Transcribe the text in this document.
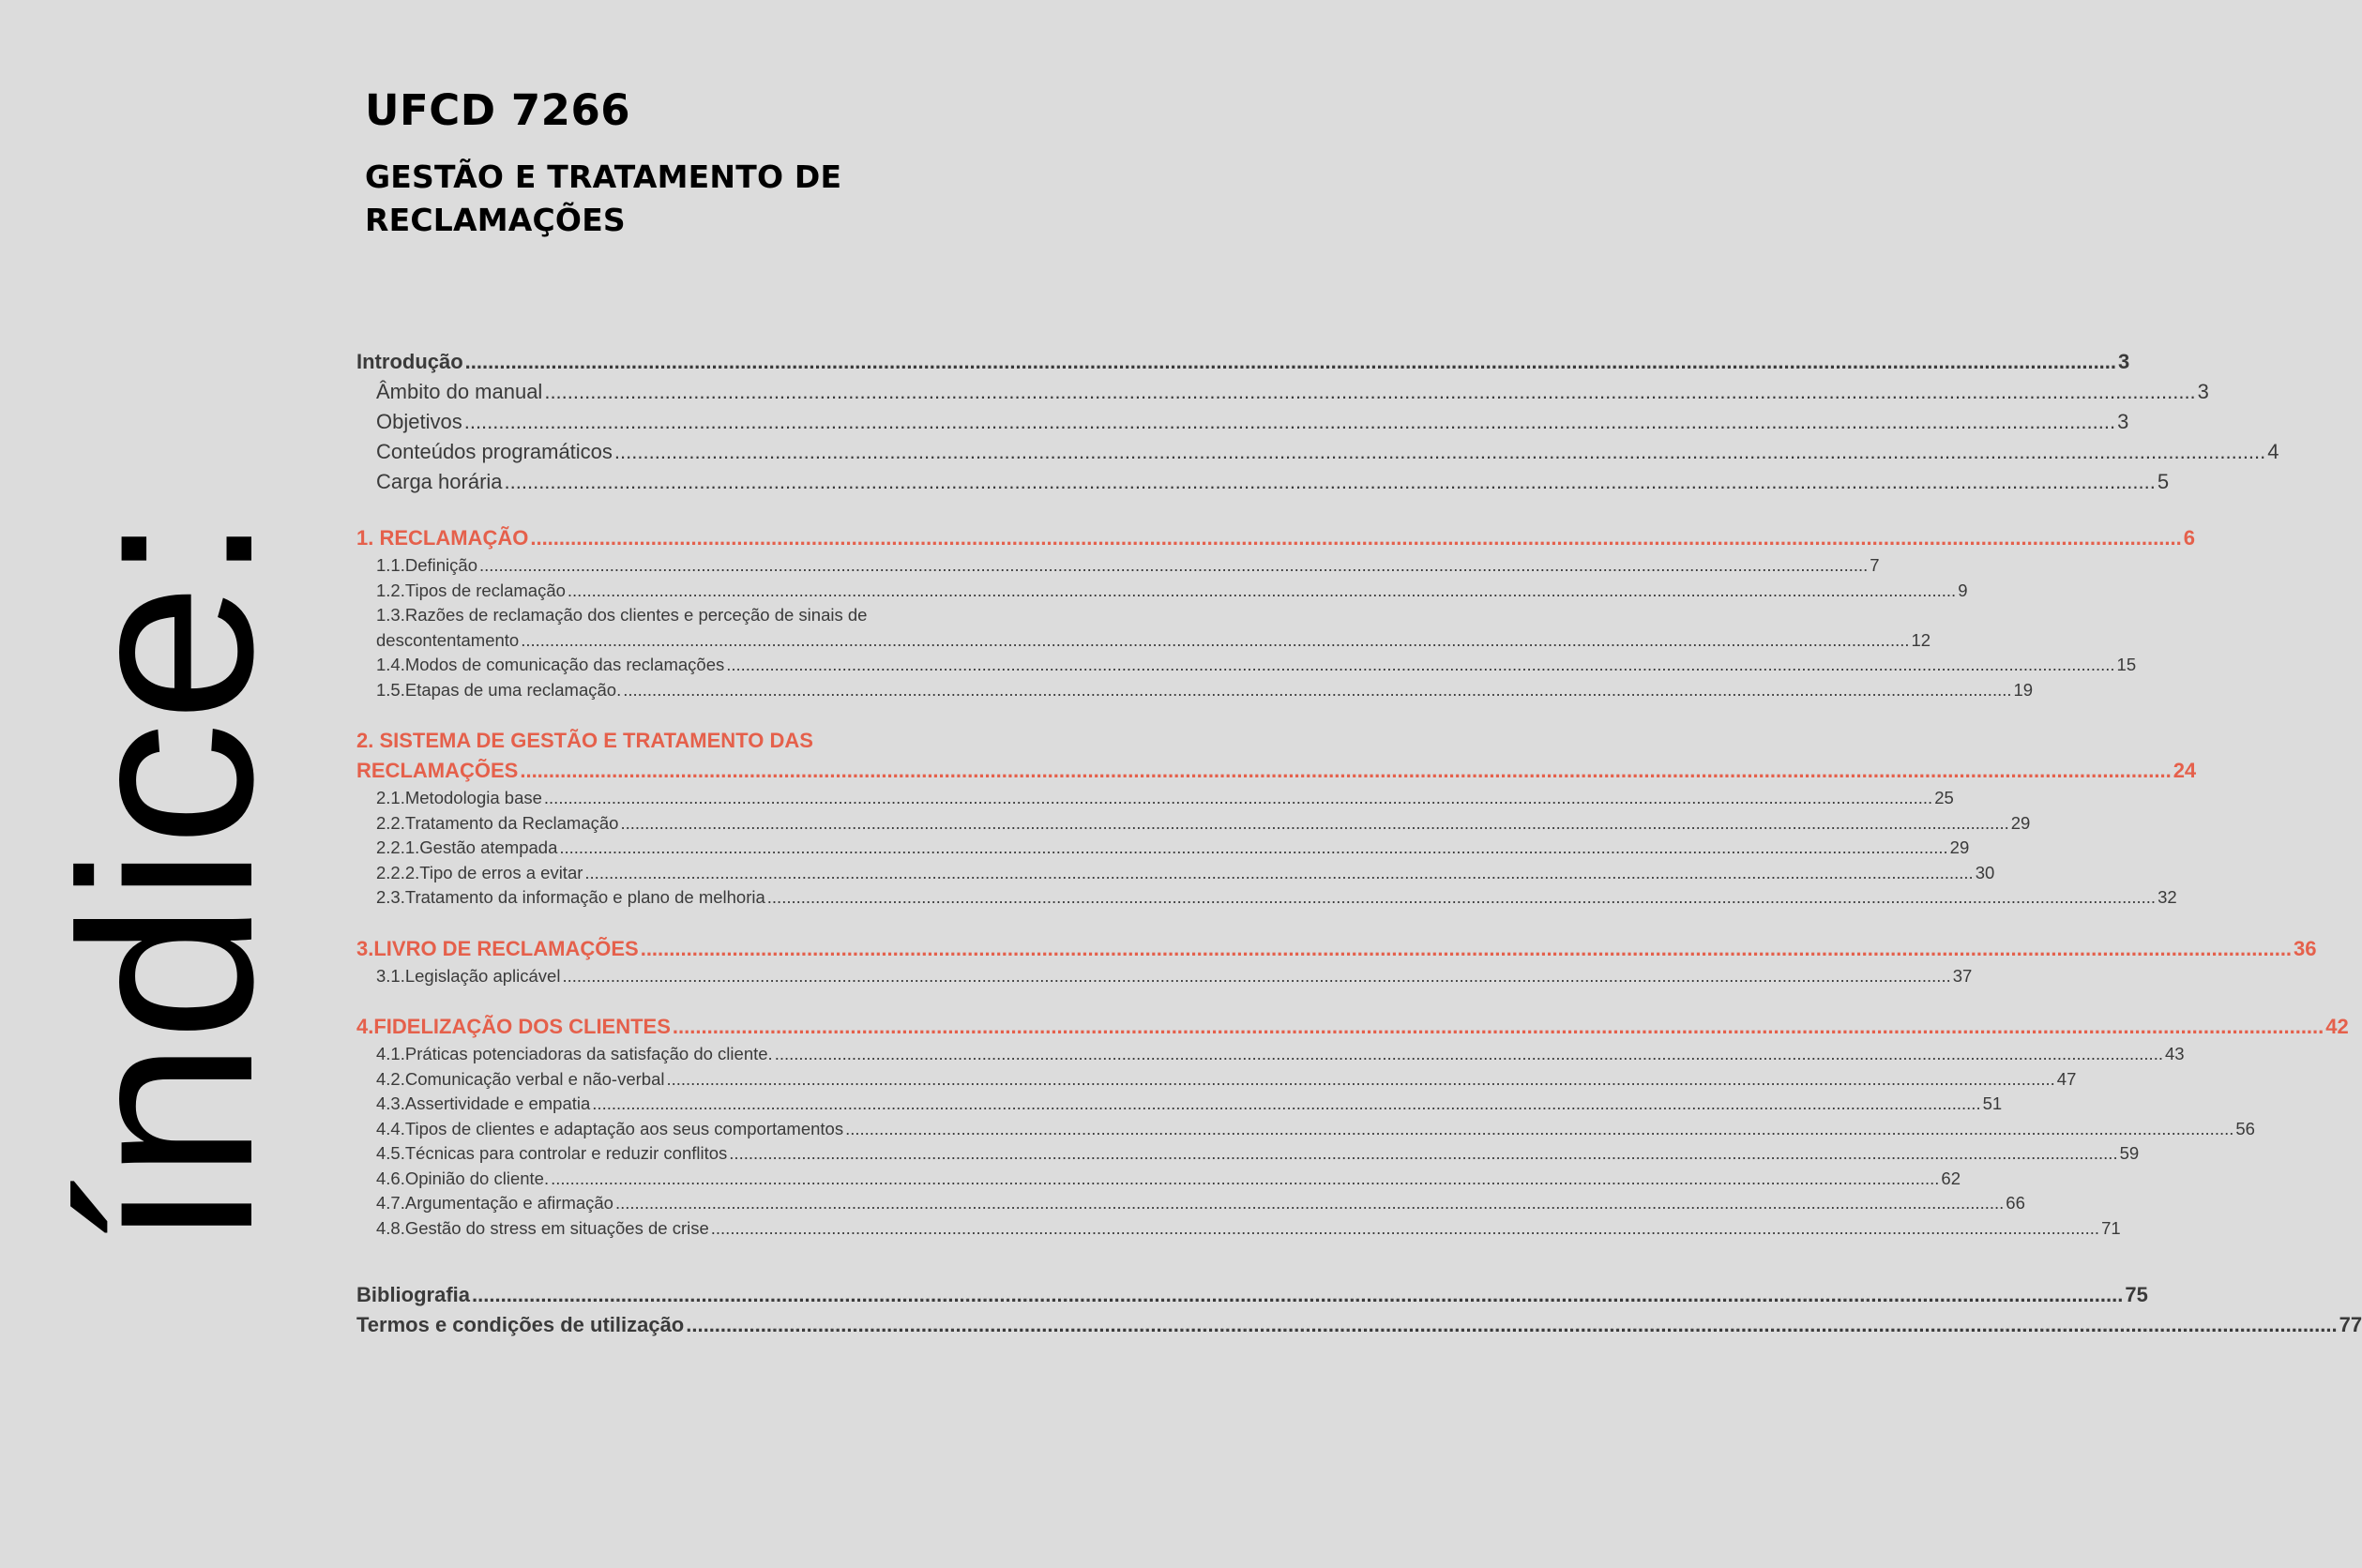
índice:
UFCD 7266
GESTÃO E TRATAMENTO DE RECLAMAÇÕES
Introdução .....	3
Âmbito do manual .....	3
Objetivos .....	3
Conteúdos programáticos .....	4
Carga horária .....	5
1. RECLAMAÇÃO .....	6
1.1.Definição .....	7
1.2.Tipos de reclamação .....	9
1.3.Razões de reclamação dos clientes e perceção de sinais de
descontentamento .....	12
1.4.Modos de comunicação das reclamações .....	15
1.5.Etapas de uma reclamação. .....	19
2. SISTEMA DE GESTÃO E TRATAMENTO DAS
RECLAMAÇÕES .....	24
2.1.Metodologia base .....	25
2.2.Tratamento da Reclamação .....	29
2.2.1.Gestão atempada .....	29
2.2.2.Tipo de erros a evitar .....	30
2.3.Tratamento da informação e plano de melhoria .....	32
3.LIVRO DE RECLAMAÇÕES .....	36
3.1.Legislação aplicável .....	37
4.FIDELIZAÇÃO DOS CLIENTES .....	42
4.1.Práticas potenciadoras da satisfação do cliente. .....	43
4.2.Comunicação verbal e não-verbal .....	47
4.3.Assertividade e empatia .....	51
4.4.Tipos de clientes e adaptação aos seus comportamentos .....	56
4.5.Técnicas para controlar e reduzir conflitos .....	59
4.6.Opinião do cliente. .....	62
4.7.Argumentação e afirmação .....	66
4.8.Gestão do stress em situações de crise .....	71
Bibliografia .....	75
Termos e condições de utilização .....	77
